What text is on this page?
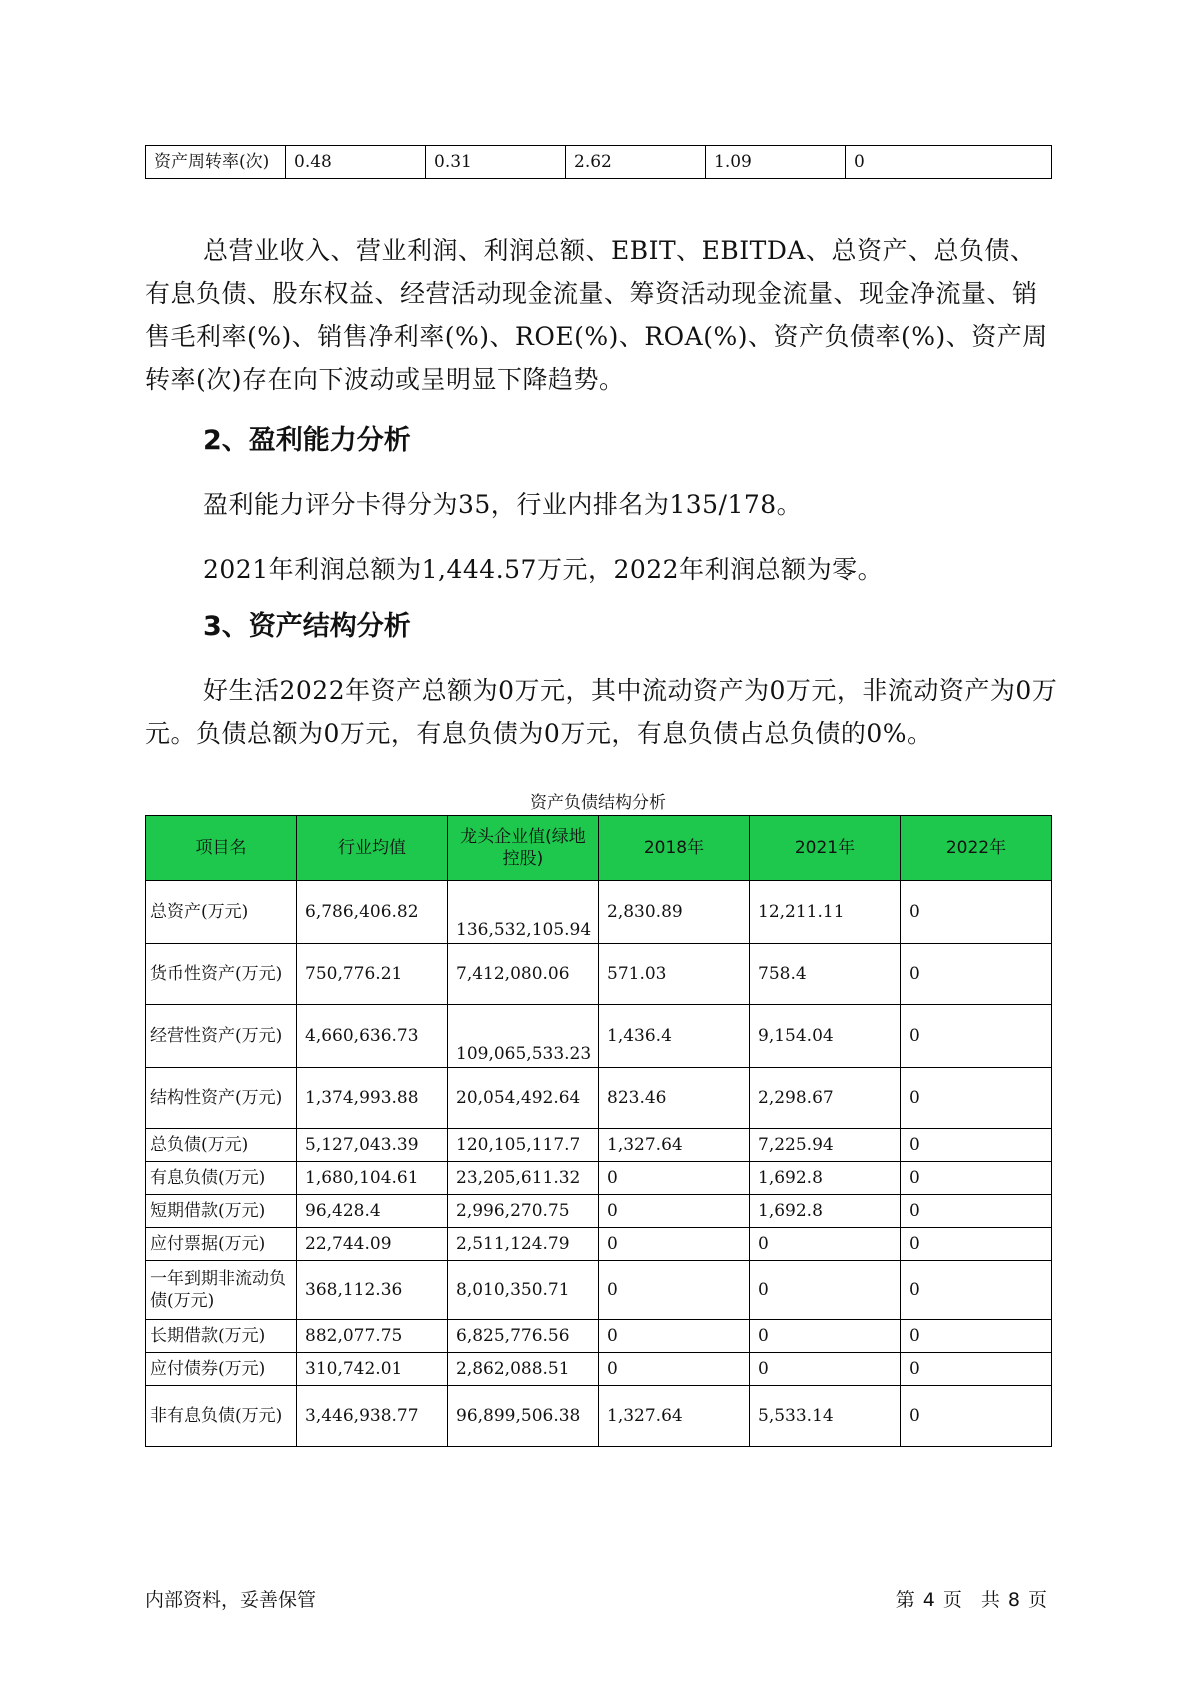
资产周转率(次)	0.48	0.31	2.62	1.09	0

总营业收入、营业利润、利润总额、EBIT、EBITDA、总资产、总负债、有息负债、股东权益、经营活动现金流量、筹资活动现金流量、现金净流量、销售毛利率(%)、销售净利率(%)、ROE(%)、ROA(%)、资产负债率(%)、资产周转率(次)存在向下波动或呈明显下降趋势。

2、盈利能力分析

盈利能力评分卡得分为35，行业内排名为135/178。

2021年利润总额为1,444.57万元，2022年利润总额为零。

3、资产结构分析

好生活2022年资产总额为0万元，其中流动资产为0万元，非流动资产为0万元。负债总额为0万元，有息负债为0万元，有息负债占总负债的0%。

资产负债结构分析
项目名	行业均值	龙头企业值(绿地控股)	2018年	2021年	2022年
总资产(万元)	6,786,406.82	136,532,105.94	2,830.89	12,211.11	0
货币性资产(万元)	750,776.21	7,412,080.06	571.03	758.4	0
经营性资产(万元)	4,660,636.73	109,065,533.23	1,436.4	9,154.04	0
结构性资产(万元)	1,374,993.88	20,054,492.64	823.46	2,298.67	0
总负债(万元)	5,127,043.39	120,105,117.7	1,327.64	7,225.94	0
有息负债(万元)	1,680,104.61	23,205,611.32	0	1,692.8	0
短期借款(万元)	96,428.4	2,996,270.75	0	1,692.8	0
应付票据(万元)	22,744.09	2,511,124.79	0	0	0
一年到期非流动负债(万元)	368,112.36	8,010,350.71	0	0	0
长期借款(万元)	882,077.75	6,825,776.56	0	0	0
应付债券(万元)	310,742.01	2,862,088.51	0	0	0
非有息负债(万元)	3,446,938.77	96,899,506.38	1,327.64	5,533.14	0
内部资料，妥善保管	第 4 页　共 8 页
